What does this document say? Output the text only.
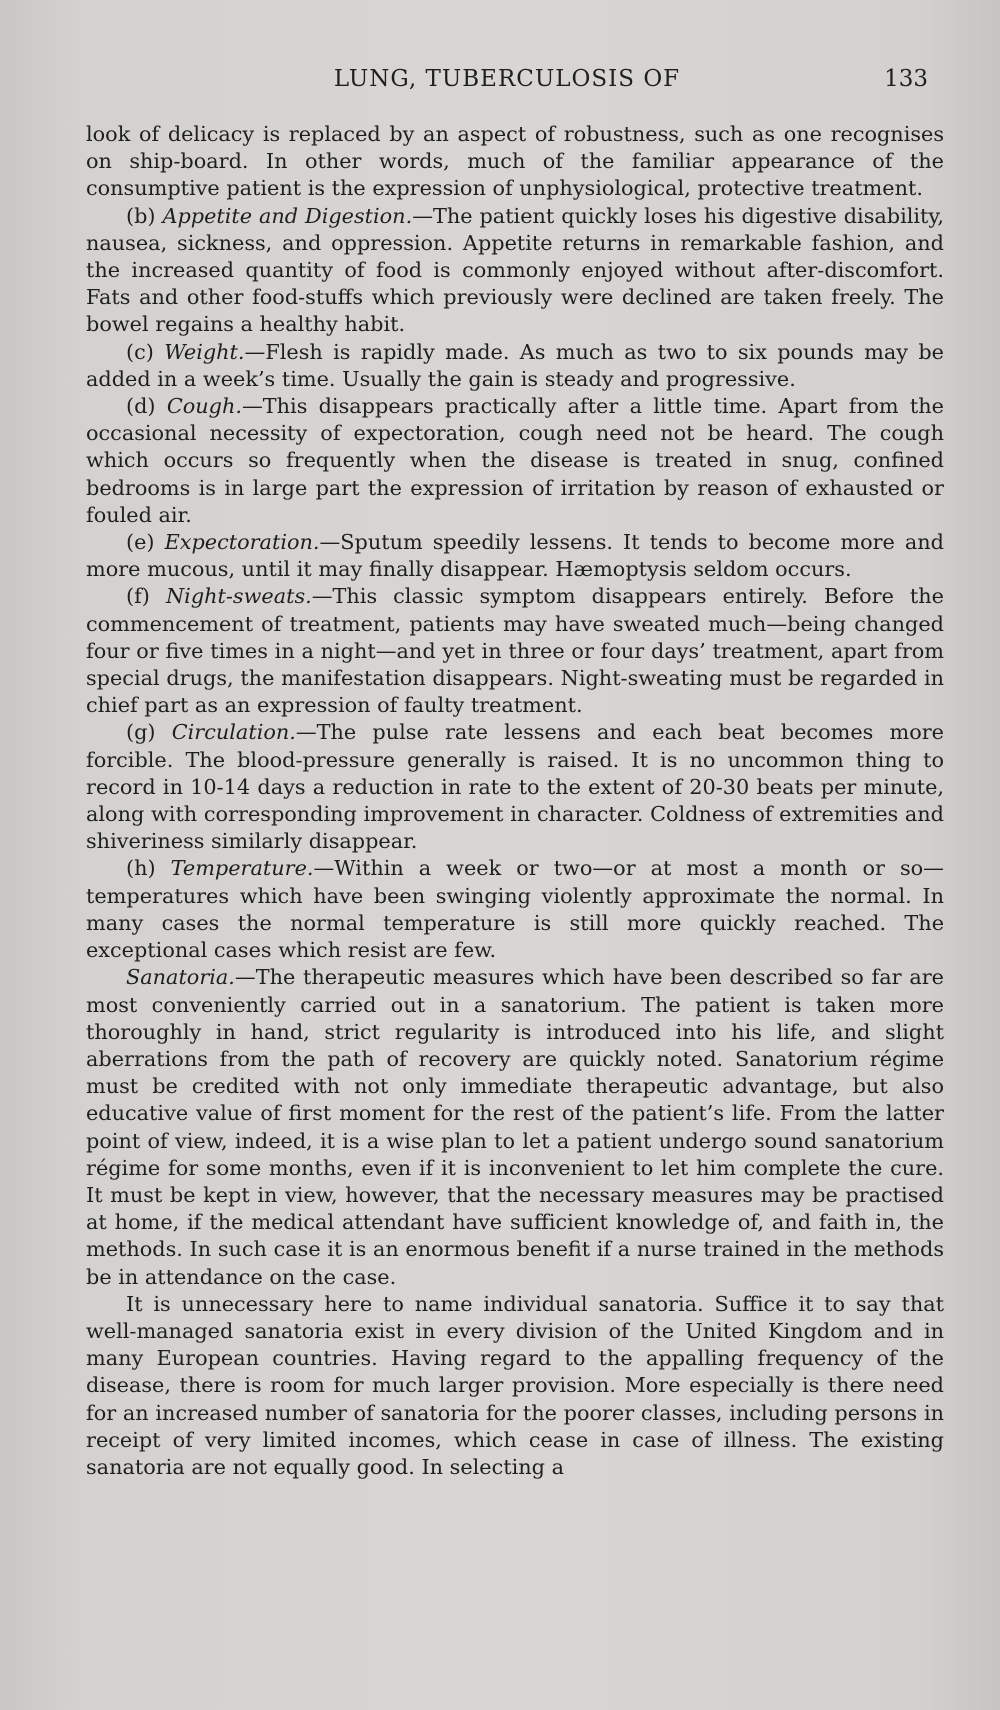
LUNG, TUBERCULOSIS OF	133

look of delicacy is replaced by an aspect of robustness, such as one recognises on ship-board. In other words, much of the familiar appearance of the consumptive patient is the expression of unphysiological, protective treatment.

(b) Appetite and Digestion.—The patient quickly loses his digestive disability, nausea, sickness, and oppression. Appetite returns in remarkable fashion, and the increased quantity of food is commonly enjoyed without after-discomfort. Fats and other food-stuffs which previously were declined are taken freely. The bowel regains a healthy habit.

(c) Weight.—Flesh is rapidly made. As much as two to six pounds may be added in a week’s time. Usually the gain is steady and progressive.

(d) Cough.—This disappears practically after a little time. Apart from the occasional necessity of expectoration, cough need not be heard. The cough which occurs so frequently when the disease is treated in snug, confined bedrooms is in large part the expression of irritation by reason of exhausted or fouled air.

(e) Expectoration.—Sputum speedily lessens. It tends to become more and more mucous, until it may finally disappear. Hæmoptysis seldom occurs.

(f) Night-sweats.—This classic symptom disappears entirely. Before the commencement of treatment, patients may have sweated much—being changed four or five times in a night—and yet in three or four days’ treatment, apart from special drugs, the manifestation disappears. Night-sweating must be regarded in chief part as an expression of faulty treatment.

(g) Circulation.—The pulse rate lessens and each beat becomes more forcible. The blood-pressure generally is raised. It is no uncommon thing to record in 10-14 days a reduction in rate to the extent of 20-30 beats per minute, along with corresponding improvement in character. Coldness of extremities and shiveriness similarly disappear.

(h) Temperature.—Within a week or two—or at most a month or so—temperatures which have been swinging violently approximate the normal. In many cases the normal temperature is still more quickly reached. The exceptional cases which resist are few.

Sanatoria.—The therapeutic measures which have been described so far are most conveniently carried out in a sanatorium. The patient is taken more thoroughly in hand, strict regularity is introduced into his life, and slight aberrations from the path of recovery are quickly noted. Sanatorium régime must be credited with not only immediate therapeutic advantage, but also educative value of first moment for the rest of the patient’s life. From the latter point of view, indeed, it is a wise plan to let a patient undergo sound sanatorium régime for some months, even if it is inconvenient to let him complete the cure. It must be kept in view, however, that the necessary measures may be practised at home, if the medical attendant have sufficient knowledge of, and faith in, the methods. In such case it is an enormous benefit if a nurse trained in the methods be in attendance on the case.

It is unnecessary here to name individual sanatoria. Suffice it to say that well-managed sanatoria exist in every division of the United Kingdom and in many European countries. Having regard to the appalling frequency of the disease, there is room for much larger provision. More especially is there need for an increased number of sanatoria for the poorer classes, including persons in receipt of very limited incomes, which cease in case of illness. The existing sanatoria are not equally good. In selecting a
